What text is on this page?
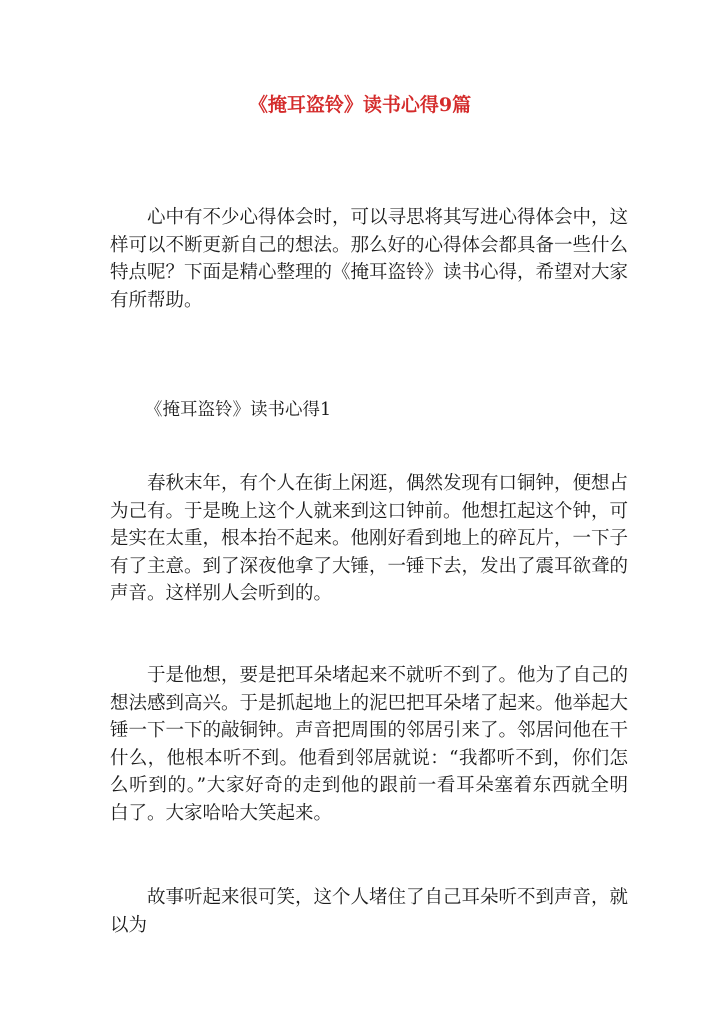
《掩耳盗铃》读书心得9篇

心中有不少心得体会时，可以寻思将其写进心得体会中，这样可以不断更新自己的想法。那么好的心得体会都具备一些什么特点呢？下面是精心整理的《掩耳盗铃》读书心得，希望对大家有所帮助。

《掩耳盗铃》读书心得1

春秋末年，有个人在街上闲逛，偶然发现有口铜钟，便想占为己有。于是晚上这个人就来到这口钟前。他想扛起这个钟，可是实在太重，根本抬不起来。他刚好看到地上的碎瓦片，一下子有了主意。到了深夜他拿了大锤，一锤下去，发出了震耳欲聋的声音。这样别人会听到的。

于是他想，要是把耳朵堵起来不就听不到了。他为了自己的想法感到高兴。于是抓起地上的泥巴把耳朵堵了起来。他举起大锤一下一下的敲铜钟。声音把周围的邻居引来了。邻居问他在干什么，他根本听不到。他看到邻居就说：“我都听不到，你们怎么听到的。”大家好奇的走到他的跟前一看耳朵塞着东西就全明白了。大家哈哈大笑起来。

故事听起来很可笑，这个人堵住了自己耳朵听不到声音，就以为
